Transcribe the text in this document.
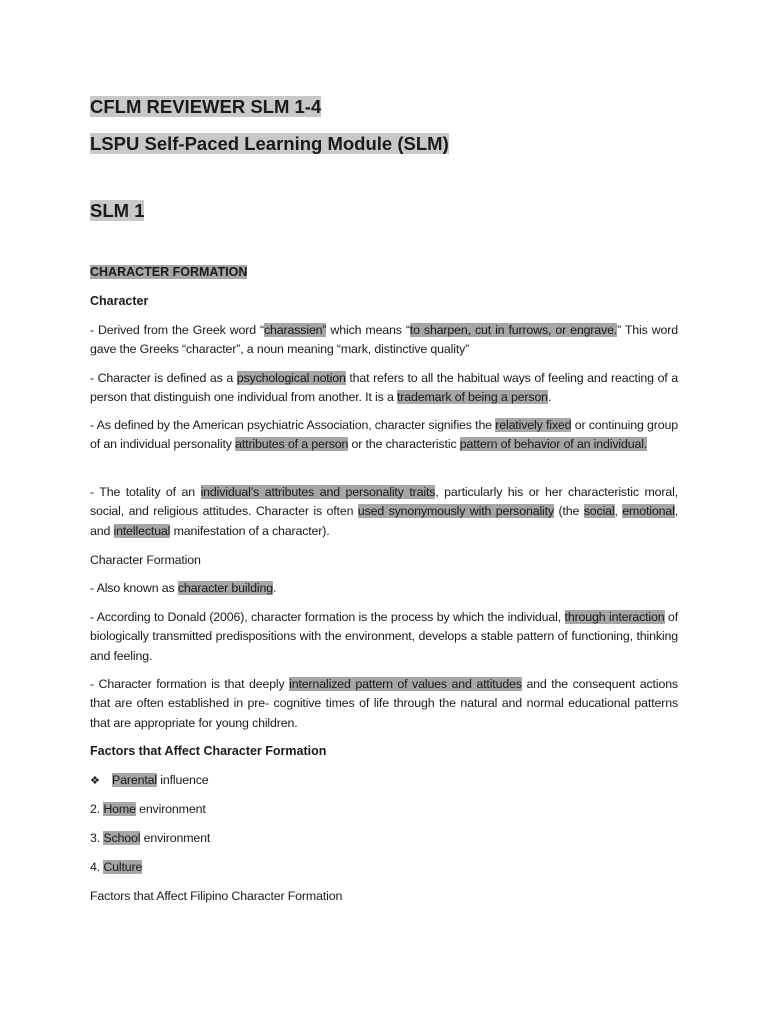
CFLM REVIEWER SLM 1-4
LSPU Self-Paced Learning Module (SLM)
SLM 1
CHARACTER FORMATION
Character
- Derived from the Greek word “charassien” which means “to sharpen, cut in furrows, or engrave.” This word gave the Greeks “character”, a noun meaning “mark, distinctive quality”
- Character is defined as a psychological notion that refers to all the habitual ways of feeling and reacting of a person that distinguish one individual from another. It is a trademark of being a person.
- As defined by the American psychiatric Association, character signifies the relatively fixed or continuing group of an individual personality attributes of a person or the characteristic pattern of behavior of an individual.
- The totality of an individual’s attributes and personality traits, particularly his or her characteristic moral, social, and religious attitudes. Character is often used synonymously with personality (the social, emotional, and intellectual manifestation of a character).
Character Formation
- Also known as character building.
- According to Donald (2006), character formation is the process by which the individual, through interaction of biologically transmitted predispositions with the environment, develops a stable pattern of functioning, thinking and feeling.
- Character formation is that deeply internalized pattern of values and attitudes and the consequent actions that are often established in pre- cognitive times of life through the natural and normal educational patterns that are appropriate for young children.
Factors that Affect Character Formation
❖ Parental influence
2. Home environment
3. School environment
4. Culture
Factors that Affect Filipino Character Formation
